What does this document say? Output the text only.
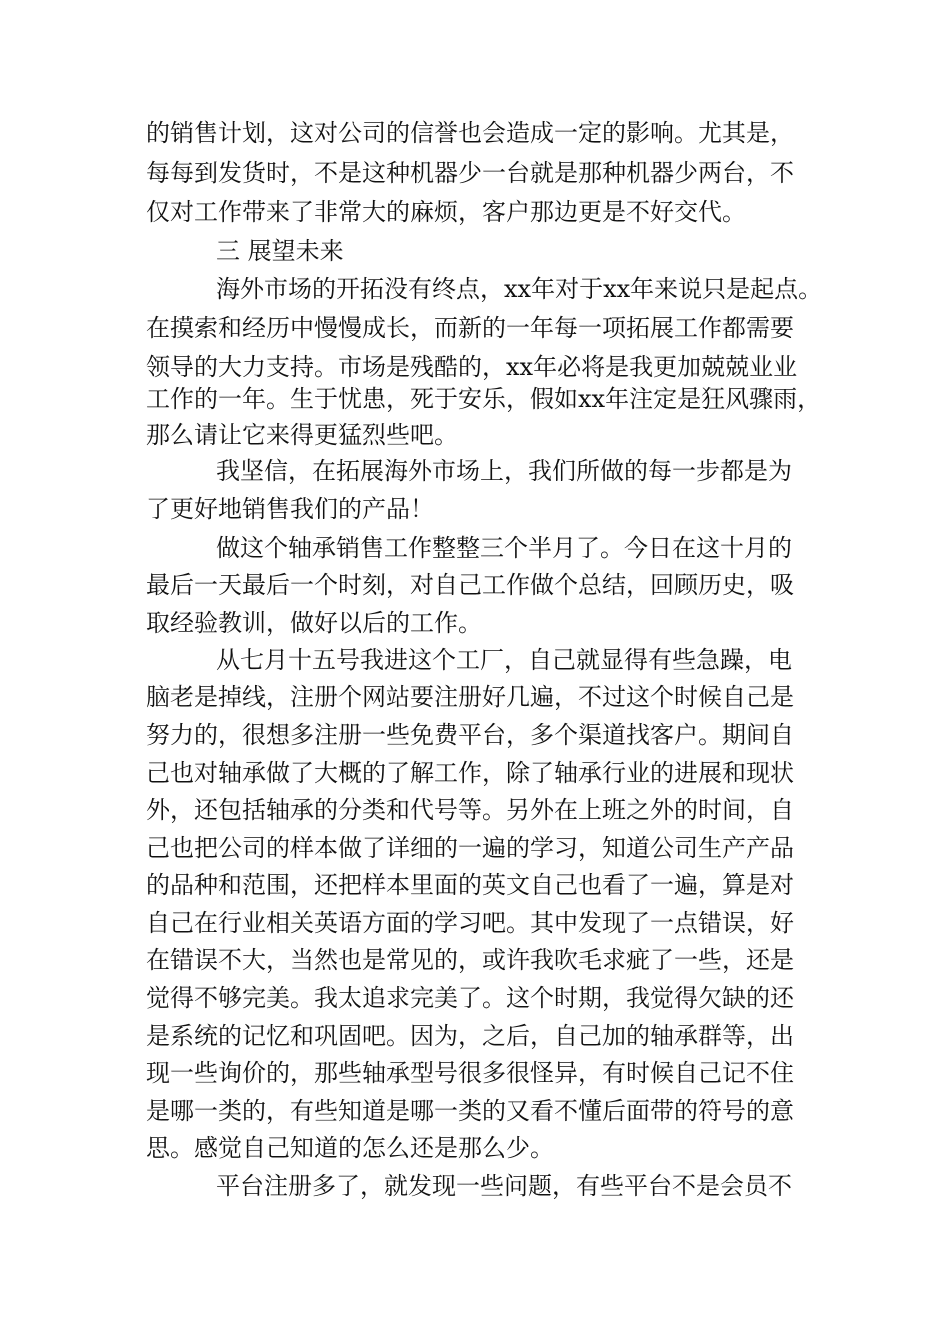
的销售计划，这对公司的信誉也会造成一定的影响。尤其是，
每每到发货时，不是这种机器少一台就是那种机器少两台，不
仅对工作带来了非常大的麻烦，客户那边更是不好交代。
三 展望未来
海外市场的开拓没有终点，xx年对于xx年来说只是起点。
在摸索和经历中慢慢成长，而新的一年每一项拓展工作都需要
领导的大力支持。市场是残酷的，xx年必将是我更加兢兢业业
工作的一年。生于忧患，死于安乐，假如xx年注定是狂风骤雨，
那么请让它来得更猛烈些吧。
我坚信，在拓展海外市场上，我们所做的每一步都是为
了更好地销售我们的产品！
做这个轴承销售工作整整三个半月了。今日在这十月的
最后一天最后一个时刻，对自己工作做个总结，回顾历史，吸
取经验教训，做好以后的工作。
从七月十五号我进这个工厂，自己就显得有些急躁，电
脑老是掉线，注册个网站要注册好几遍，不过这个时候自己是
努力的，很想多注册一些免费平台，多个渠道找客户。期间自
己也对轴承做了大概的了解工作，除了轴承行业的进展和现状
外，还包括轴承的分类和代号等。另外在上班之外的时间，自
己也把公司的样本做了详细的一遍的学习，知道公司生产产品
的品种和范围，还把样本里面的英文自己也看了一遍，算是对
自己在行业相关英语方面的学习吧。其中发现了一点错误，好
在错误不大，当然也是常见的，或许我吹毛求疵了一些，还是
觉得不够完美。我太追求完美了。这个时期，我觉得欠缺的还
是系统的记忆和巩固吧。因为，之后，自己加的轴承群等，出
现一些询价的，那些轴承型号很多很怪异，有时候自己记不住
是哪一类的，有些知道是哪一类的又看不懂后面带的符号的意
思。感觉自己知道的怎么还是那么少。
平台注册多了，就发现一些问题，有些平台不是会员不
